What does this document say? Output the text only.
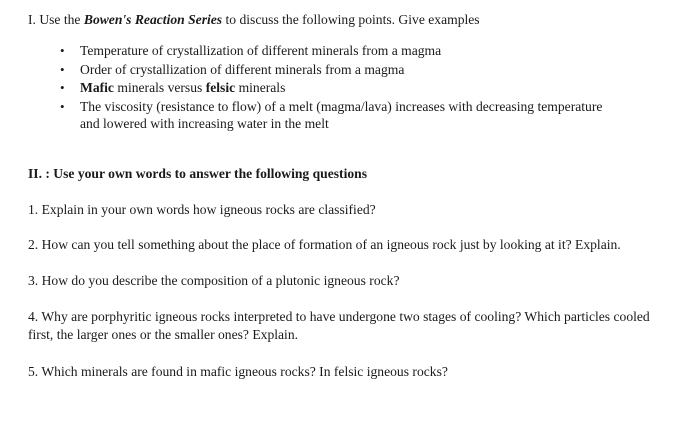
I. Use the Bowen's Reaction Series to discuss the following points. Give examples
• Temperature of crystallization of different minerals from a magma
• Order of crystallization of different minerals from a magma
• Mafic minerals versus felsic minerals
• The viscosity (resistance to flow) of a melt (magma/lava) increases with decreasing temperature
and lowered with increasing water in the melt
II. : Use your own words to answer the following questions
1. Explain in your own words how igneous rocks are classified?
2. How can you tell something about the place of formation of an igneous rock just by looking at it? Explain.
3. How do you describe the composition of a plutonic igneous rock?
4. Why are porphyritic igneous rocks interpreted to have undergone two stages of cooling? Which particles cooled first, the larger ones or the smaller ones? Explain.
5. Which minerals are found in mafic igneous rocks? In felsic igneous rocks?
